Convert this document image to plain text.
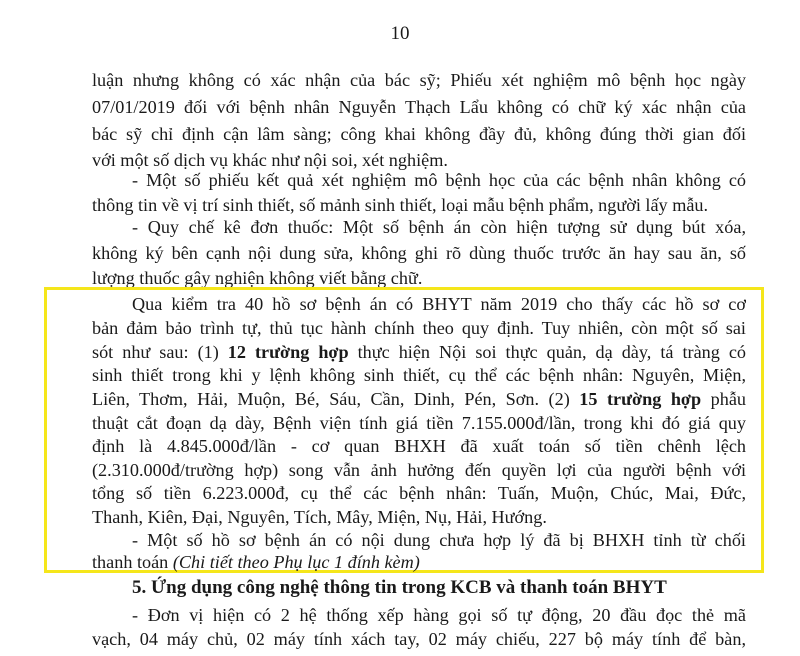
10
luận nhưng không có xác nhận của bác sỹ; Phiếu xét nghiệm mô bệnh học ngày
07/01/2019 đối với bệnh nhân Nguyễn Thạch Lẩu không có chữ ký xác nhận của
bác sỹ chỉ định cận lâm sàng; công khai không đầy đủ, không đúng thời gian đối
với một số dịch vụ khác như nội soi, xét nghiệm.
- Một số phiếu kết quả xét nghiệm mô bệnh học của các bệnh nhân không có
thông tin về vị trí sinh thiết, số mảnh sinh thiết, loại mẫu bệnh phẩm, người lấy mẫu.
- Quy chế kê đơn thuốc: Một số bệnh án còn hiện tượng sử dụng bút xóa,
không ký bên cạnh nội dung sửa, không ghi rõ dùng thuốc trước ăn hay sau ăn, số
lượng thuốc gây nghiện không viết bằng chữ.
Qua kiểm tra 40 hồ sơ bệnh án có BHYT năm 2019 cho thấy các hồ sơ cơ
bản đảm bảo trình tự, thủ tục hành chính theo quy định. Tuy nhiên, còn một số sai
sót như sau: (1) 12 trường hợp thực hiện Nội soi thực quản, dạ dày, tá tràng có
sinh thiết trong khi y lệnh không sinh thiết, cụ thể các bệnh nhân: Nguyên, Miện,
Liên, Thơm, Hải, Muộn, Bé, Sáu, Cần, Dinh, Pén, Sơn. (2) 15 trường hợp phẫu
thuật cắt đoạn dạ dày, Bệnh viện tính giá tiền 7.155.000đ/lần, trong khi đó giá quy
định là 4.845.000đ/lần - cơ quan BHXH đã xuất toán số tiền chênh lệch
(2.310.000đ/trường hợp) song vẫn ảnh hưởng đến quyền lợi của người bệnh với
tổng số tiền 6.223.000đ, cụ thể các bệnh nhân: Tuấn, Muộn, Chúc, Mai, Đức,
Thanh, Kiên, Đại, Nguyên, Tích, Mây, Miện, Nụ, Hải, Hướng.
- Một số hồ sơ bệnh án có nội dung chưa hợp lý đã bị BHXH tỉnh từ chối
thanh toán (Chi tiết theo Phụ lục 1 đính kèm)
5. Ứng dụng công nghệ thông tin trong KCB và thanh toán BHYT
- Đơn vị hiện có 2 hệ thống xếp hàng gọi số tự động, 20 đầu đọc thẻ mã
vạch, 04 máy chủ, 02 máy tính xách tay, 02 máy chiếu, 227 bộ máy tính để bàn,
